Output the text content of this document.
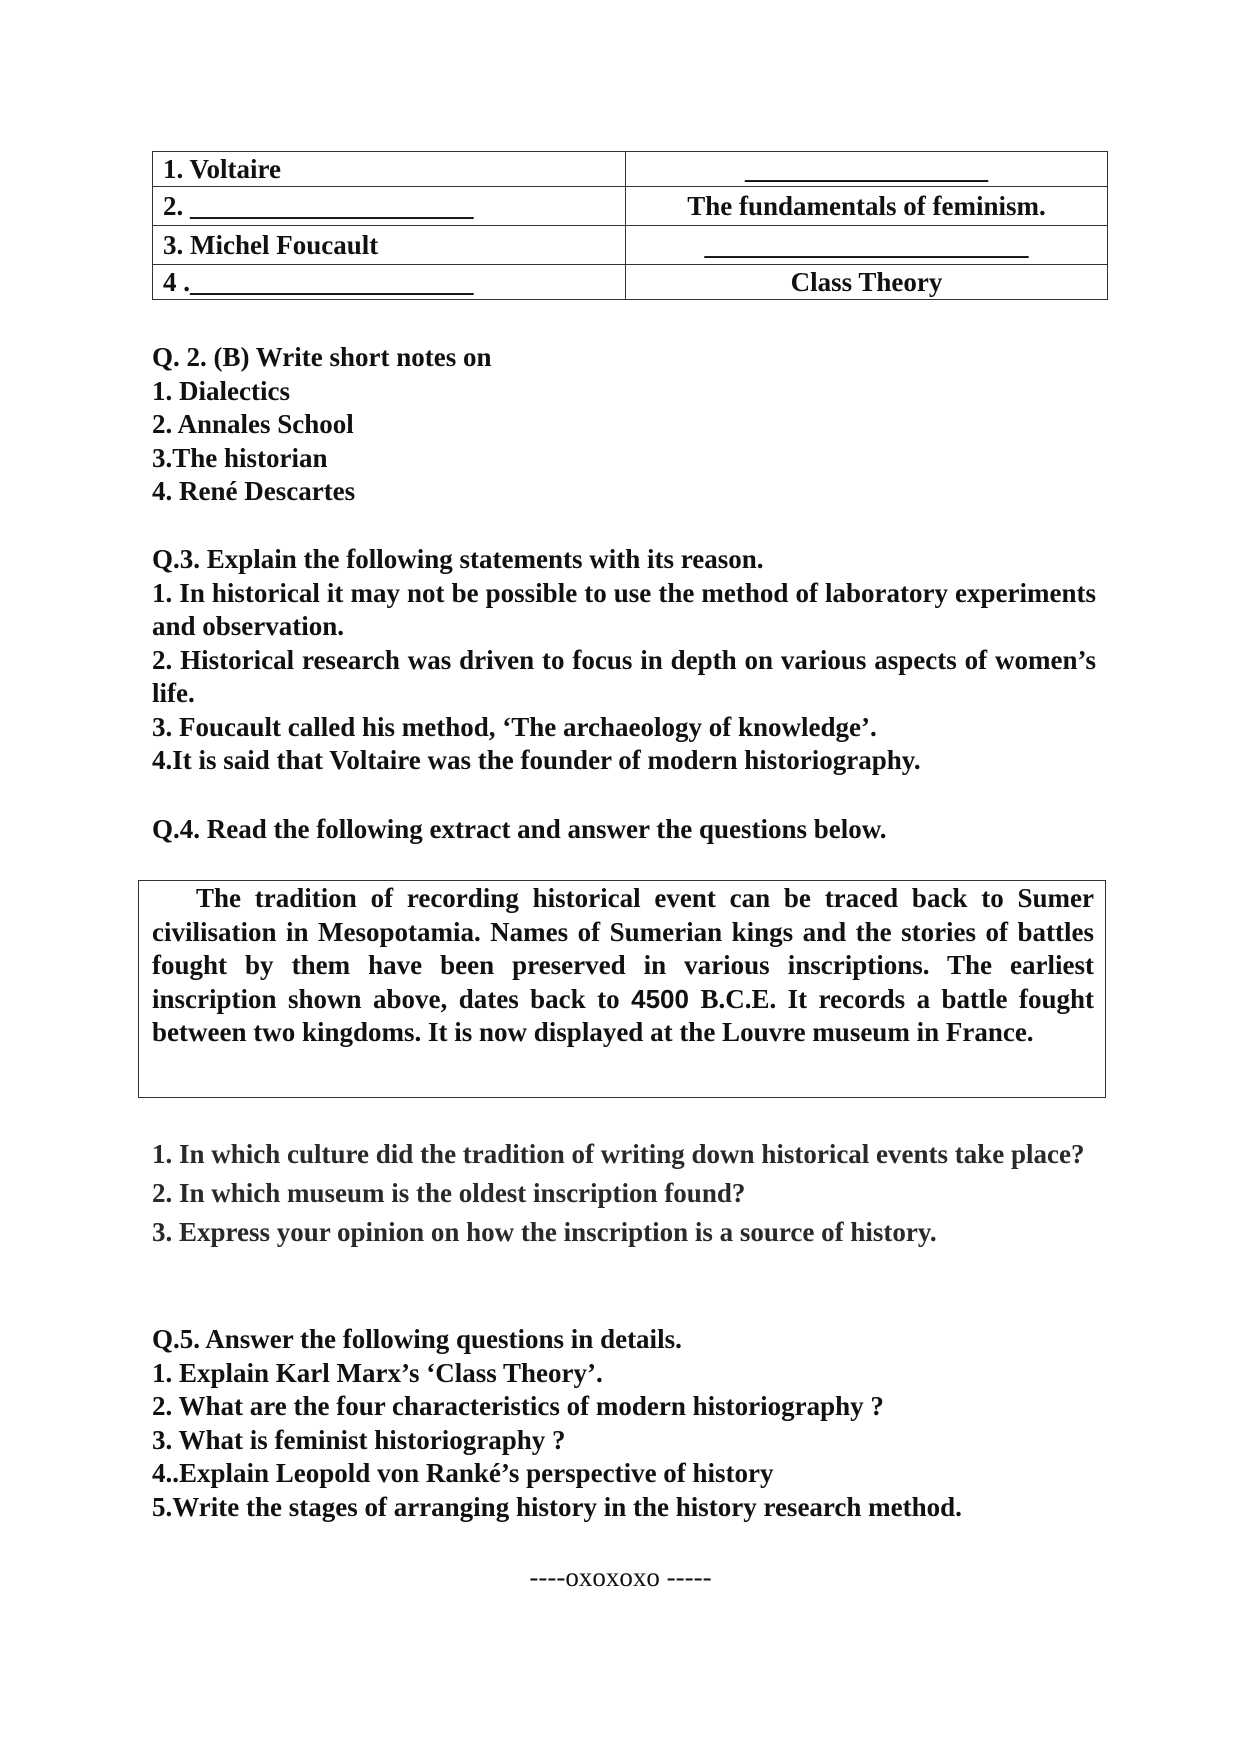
1. Voltaire	__________________
2. _____________________	The fundamentals of feminism.
3. Michel Foucault	________________________
4 ._____________________	Class Theory
Q. 2. (B) Write short notes on
1. Dialectics
2. Annales School
3.The historian
4. René Descartes
Q.3. Explain the following statements with its reason.
1. In historical it may not be possible to use the method of laboratory experiments and observation.
2. Historical research was driven to focus in depth on various aspects of women’s life.
3. Foucault called his method, ‘The archaeology of knowledge’.
4.It is said that Voltaire was the founder of modern historiography.
Q.4. Read the following extract and answer the questions below.

The tradition of recording historical event can be traced back to Sumer civilisation in Mesopotamia. Names of Sumerian kings and the stories of battles fought by them have been preserved in various inscriptions. The earliest inscription shown above, dates back to 4500 B.C.E. It records a battle fought between two kingdoms. It is now displayed at the Louvre museum in France.

1. In which culture did the tradition of writing down historical events take place?
2. In which museum is the oldest inscription found?
3. Express your opinion on how the inscription is a source of history.
Q.5. Answer the following questions in details.
1. Explain Karl Marx’s ‘Class Theory’.
2. What are the four characteristics of modern historiography ?
3. What is feminist historiography ?
4..Explain Leopold von Ranké’s perspective of history
5.Write the stages of arranging history in the history research method.
----oxoxoxo -----
